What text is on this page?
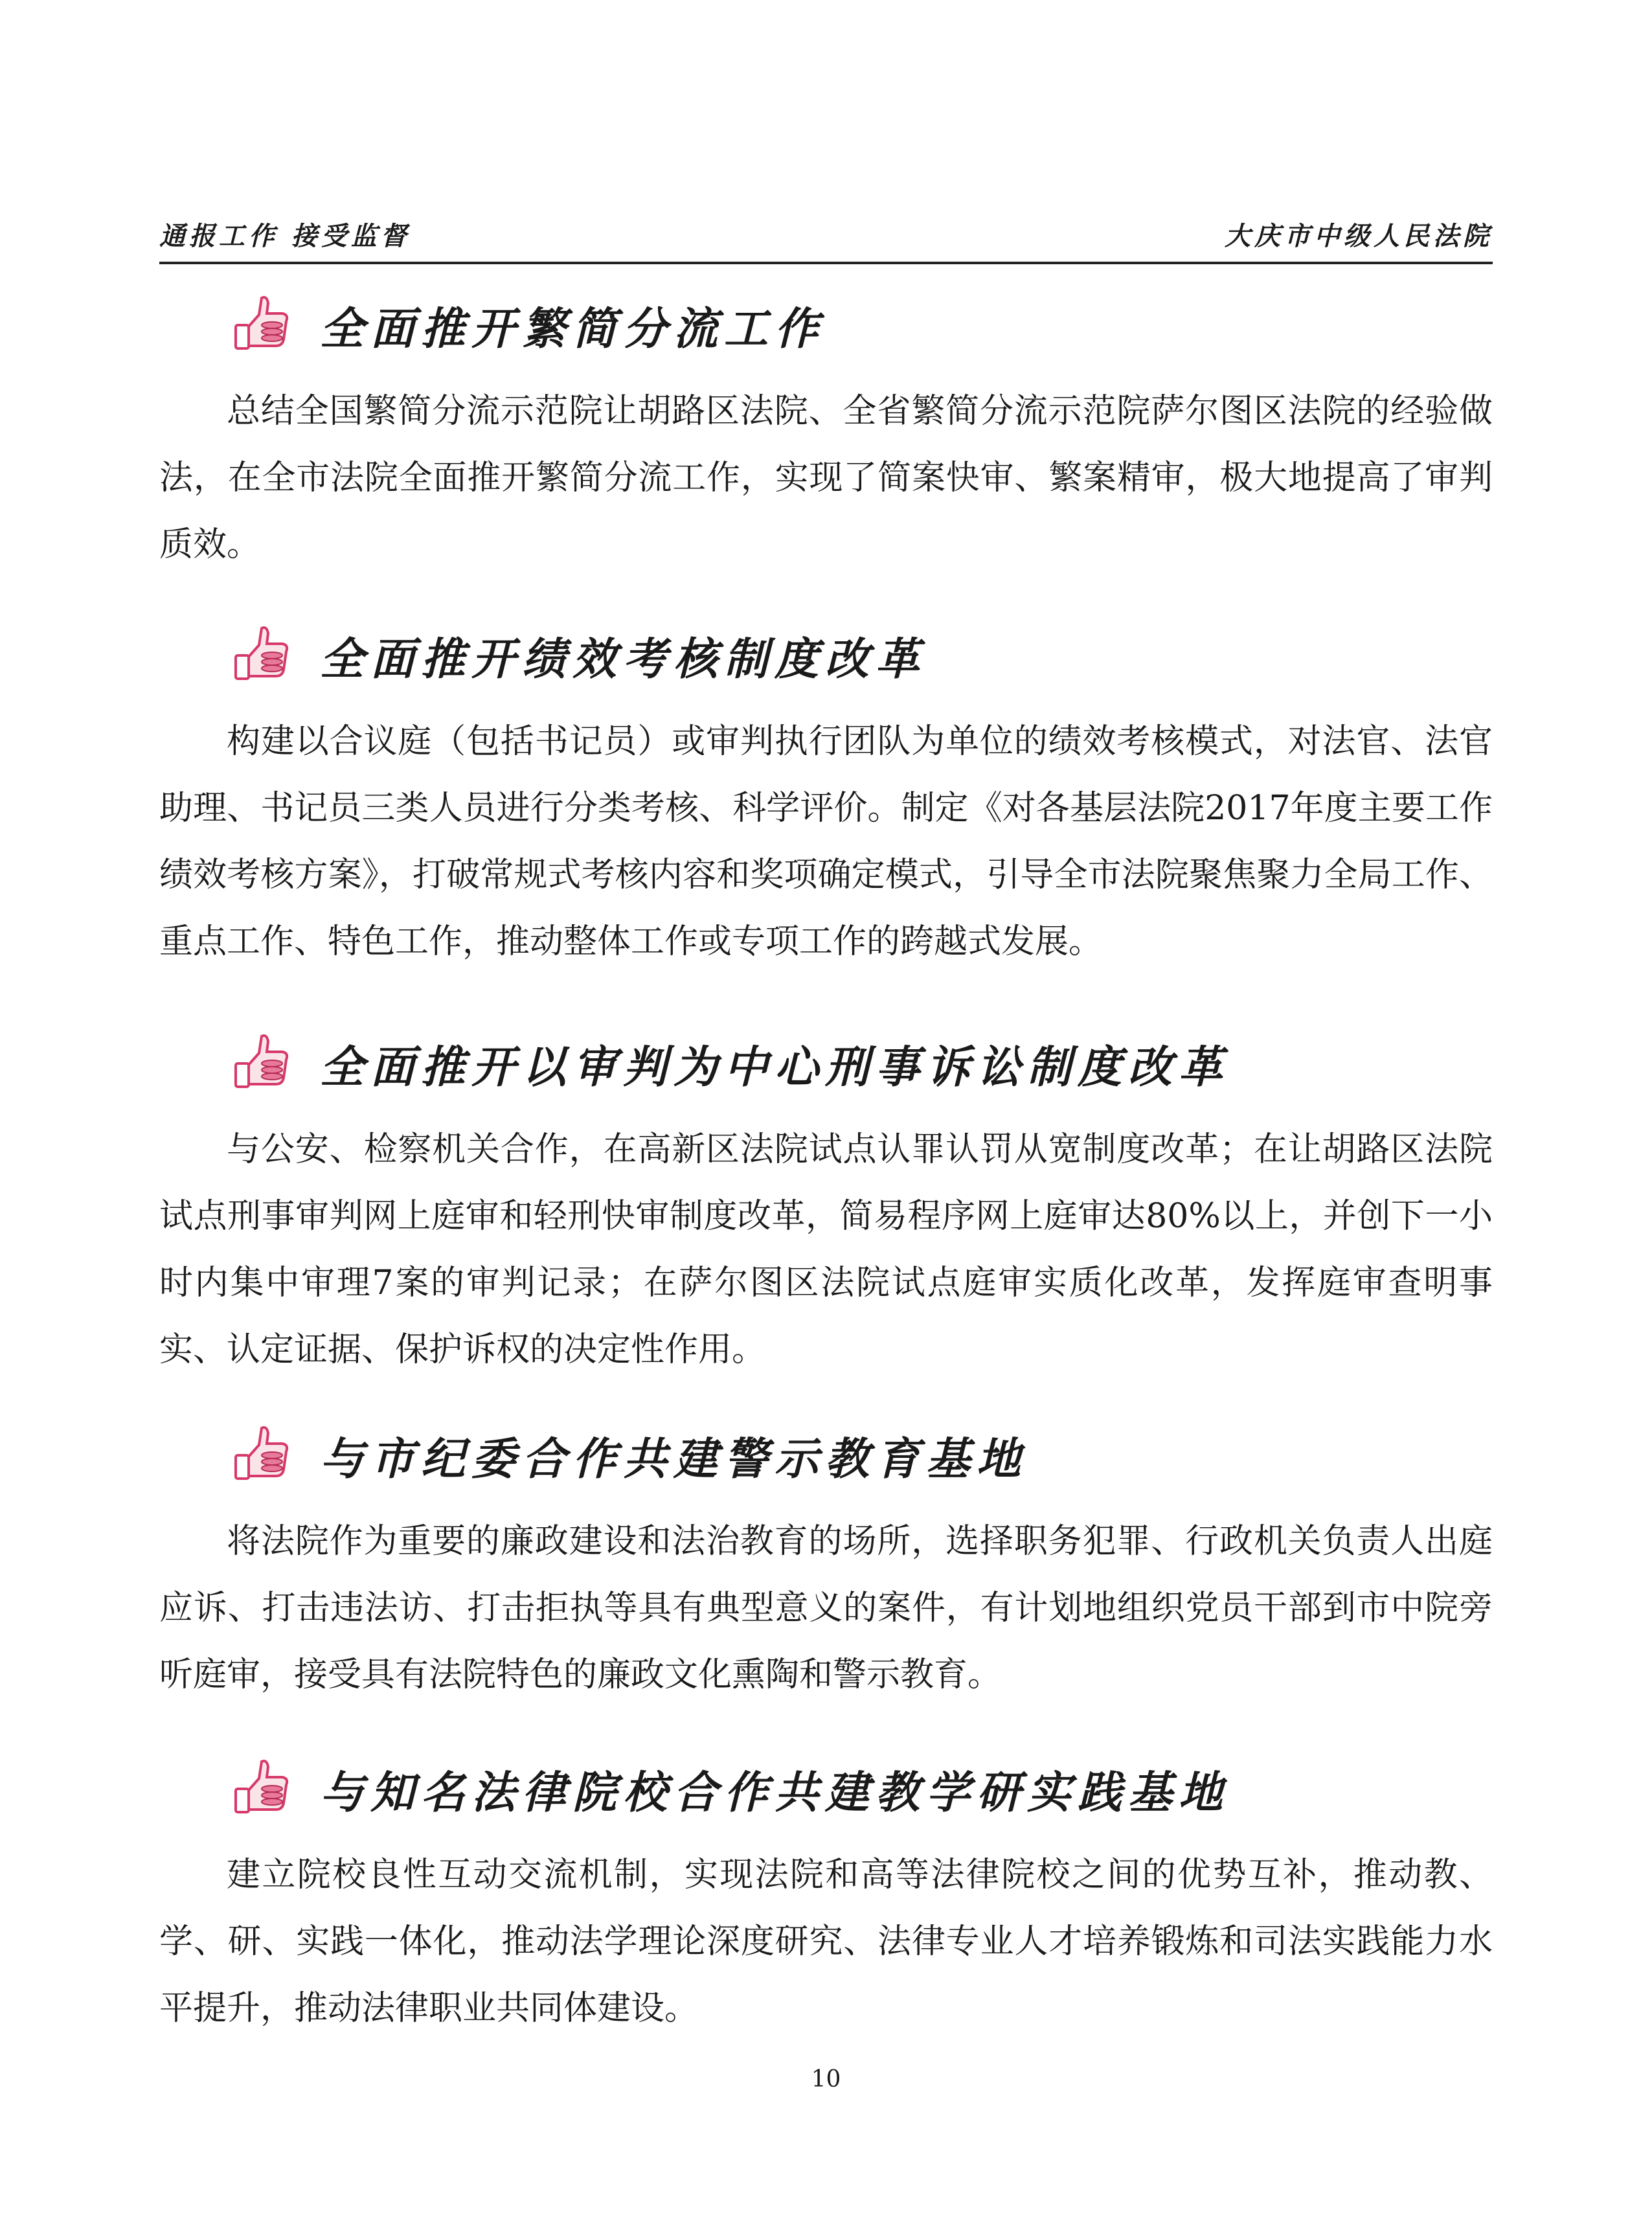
通报工作 接受监督	大庆市中级人民法院
全面推开繁简分流工作

总结全国繁简分流示范院让胡路区法院、全省繁简分流示范院萨尔图区法院的经验做法，在全市法院全面推开繁简分流工作，实现了简案快审、繁案精审，极大地提高了审判质效。

全面推开绩效考核制度改革

构建以合议庭（包括书记员）或审判执行团队为单位的绩效考核模式，对法官、法官助理、书记员三类人员进行分类考核、科学评价。制定《对各基层法院2017年度主要工作绩效考核方案》，打破常规式考核内容和奖项确定模式，引导全市法院聚焦聚力全局工作、重点工作、特色工作，推动整体工作或专项工作的跨越式发展。

全面推开以审判为中心刑事诉讼制度改革

与公安、检察机关合作，在高新区法院试点认罪认罚从宽制度改革；在让胡路区法院试点刑事审判网上庭审和轻刑快审制度改革，简易程序网上庭审达80%以上，并创下一小时内集中审理7案的审判记录；在萨尔图区法院试点庭审实质化改革，发挥庭审查明事实、认定证据、保护诉权的决定性作用。

与市纪委合作共建警示教育基地

将法院作为重要的廉政建设和法治教育的场所，选择职务犯罪、行政机关负责人出庭应诉、打击违法访、打击拒执等具有典型意义的案件，有计划地组织党员干部到市中院旁听庭审，接受具有法院特色的廉政文化熏陶和警示教育。

与知名法律院校合作共建教学研实践基地

建立院校良性互动交流机制，实现法院和高等法律院校之间的优势互补，推动教、学、研、实践一体化，推动法学理论深度研究、法律专业人才培养锻炼和司法实践能力水平提升，推动法律职业共同体建设。

10
